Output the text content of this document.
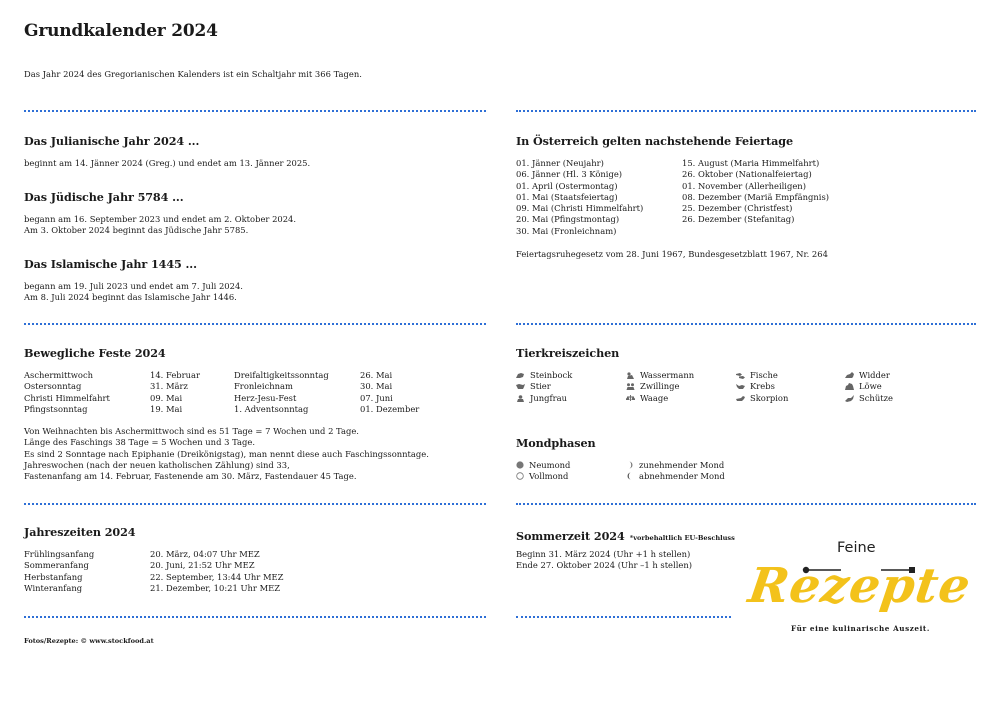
Grundkalender 2024
Das Jahr 2024 des Gregorianischen Kalenders ist ein Schaltjahr mit 366 Tagen.
Das Julianische Jahr 2024 ...
beginnt am 14. Jänner 2024 (Greg.) und endet am 13. Jänner 2025.
Das Jüdische Jahr 5784 ...
begann am 16. September 2023 und endet am 2. Oktober 2024.
Am 3. Oktober 2024 beginnt das Jüdische Jahr 5785.
Das Islamische Jahr 1445 ...
begann am 19. Juli 2023 und endet am 7. Juli 2024.
Am 8. Juli 2024 beginnt das Islamische Jahr 1446.
In Österreich gelten nachstehende Feiertage
01. Jänner (Neujahr)
06. Jänner (Hl. 3 Könige)
01. April (Ostermontag)
01. Mai (Staatsfeiertag)
09. Mai (Christi Himmelfahrt)
20. Mai (Pfingstmontag)
30. Mai (Fronleichnam)
15. August (Maria Himmelfahrt)
26. Oktober (Nationalfeiertag)
01. November (Allerheiligen)
08. Dezember (Mariä Empfängnis)
25. Dezember (Christfest)
26. Dezember (Stefanitag)
Feiertagsruhegesetz vom 28. Juni 1967, Bundesgesetzblatt 1967, Nr. 264
Bewegliche Feste 2024
Aschermittwoch
Ostersonntag
Christi Himmelfahrt
Pfingstsonntag
14. Februar
31. März
09. Mai
19. Mai
Dreifaltigkeitssonntag
Fronleichnam
Herz-Jesu-Fest
1. Adventsonntag
26. Mai
30. Mai
07. Juni
01. Dezember
Von Weihnachten bis Aschermittwoch sind es 51 Tage = 7 Wochen und 2 Tage.
Länge des Faschings 38 Tage = 5 Wochen und 3 Tage.
Es sind 2 Sonntage nach Epiphanie (Dreikönigstag), man nennt diese auch Faschingssonntage.
Jahreswochen (nach der neuen katholischen Zählung) sind 33,
Fastenanfang am 14. Februar, Fastenende am 30. März, Fastendauer 45 Tage.
Tierkreiszeichen
Steinbock
Stier
Jungfrau
Wassermann
Zwillinge
Waage
Fische
Krebs
Skorpion
Widder
Löwe
Schütze
Mondphasen
Neumond
Vollmond
zunehmender Mond
abnehmender Mond
Jahreszeiten 2024
Frühlingsanfang
Sommeranfang
Herbstanfang
Winteranfang
20. März, 04:07 Uhr MEZ
20. Juni, 21:52 Uhr MEZ
22. September, 13:44 Uhr MEZ
21. Dezember, 10:21 Uhr MEZ
Sommerzeit 2024 *vorbehaltlich EU-Beschluss
Beginn 31. März 2024 (Uhr +1 h stellen)
Ende 27. Oktober 2024 (Uhr –1 h stellen)
Fotos/Rezepte: © www.stockfood.at
Feine
Rezepte
Für eine kulinarische Auszeit.
